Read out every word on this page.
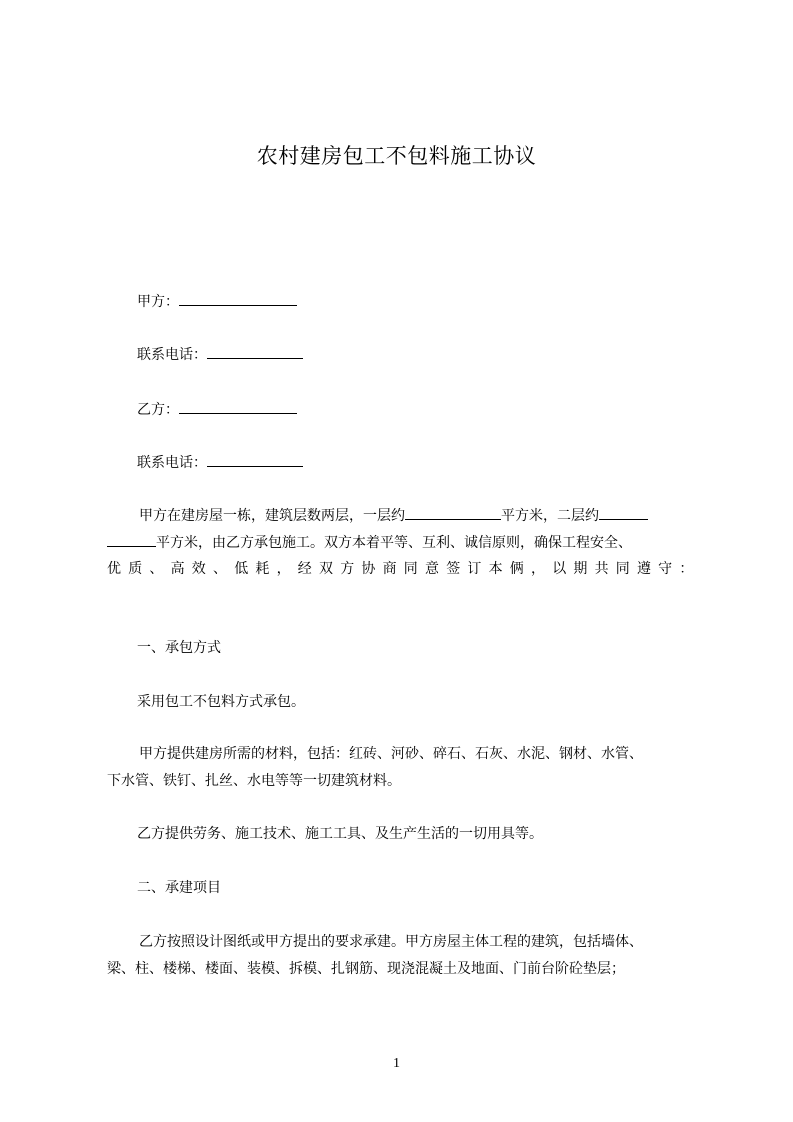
农村建房包工不包料施工协议
甲方：
联系电话：
乙方：
联系电话：
甲方在建房屋一栋，建筑层数两层，一层约	平方米，二层约
平方米，由乙方承包施工。双方本着平等、互利、诚信原则，确保工程安全、
优质、高效、低耗，经双方协商同意签订本俩，以期共同遵守：
一、承包方式
采用包工不包料方式承包。
甲方提供建房所需的材料，包括：红砖、河砂、碎石、石灰、水泥、钢材、水管、
下水管、铁钉、扎丝、水电等等一切建筑材料。
乙方提供劳务、施工技术、施工工具、及生产生活的一切用具等。
二、承建项目
乙方按照设计图纸或甲方提出的要求承建。甲方房屋主体工程的建筑，包括墙体、
梁、柱、楼梯、楼面、装模、拆模、扎钢筋、现浇混凝土及地面、门前台阶砼垫层；
1
